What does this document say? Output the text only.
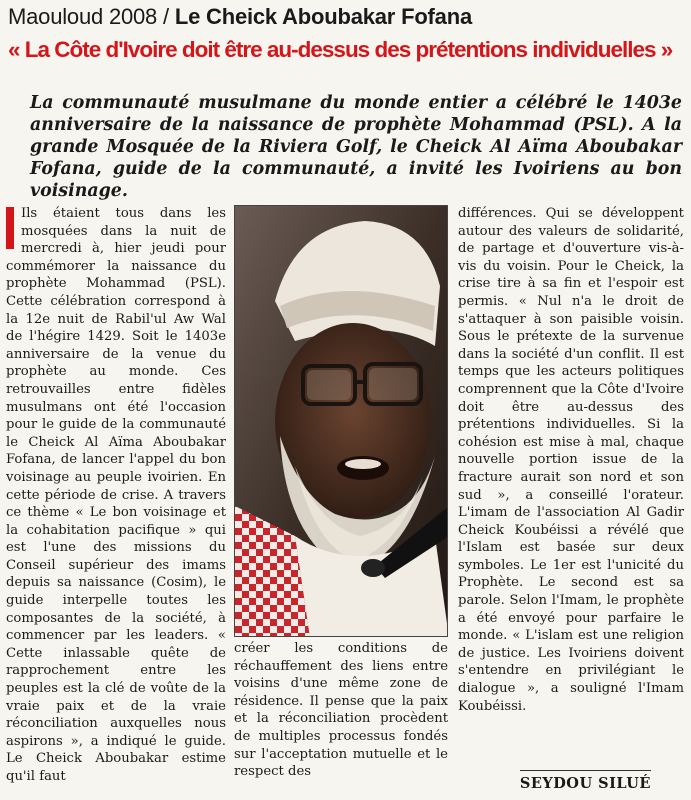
Maouloud 2008 / Le Cheick Aboubakar Fofana
« La Côte d'Ivoire doit être au-dessus des prétentions individuelles »
La communauté musulmane du monde entier a célébré le 1403e anniversaire de la naissance de prophète Mohammad (PSL). A la grande Mosquée de la Riviera Golf, le Cheick Al Aïma Aboubakar Fofana, guide de la communauté, a invité les Ivoiriens au bon voisinage.
Ils étaient tous dans les mosquées dans la nuit de mercredi à, hier jeudi pour commémorer la naissance du prophète Mohammad (PSL). Cette célébration correspond à la 12e nuit de Rabil'ul Aw Wal de l'hégire 1429. Soit le 1403e anniversaire de la venue du prophète au monde. Ces retrouvailles entre fidèles musulmans ont été l'occasion pour le guide de la communauté le Cheick Al Aïma Aboubakar Fofana, de lancer l'appel du bon voisinage au peuple ivoirien. En cette période de crise. A travers ce thème « Le bon voisinage et la cohabitation pacifique » qui est l'une des missions du Conseil supérieur des imams depuis sa naissance (Cosim), le guide interpelle toutes les composantes de la société, à commencer par les leaders. « Cette inlassable quête de rapprochement entre les peuples est la clé de voûte de la vraie paix et de la vraie réconciliation auxquelles nous aspirons », a indiqué le guide. Le Cheick Aboubakar estime qu'il faut
créer les conditions de réchauffement des liens entre voisins d'une même zone de résidence. Il pense que la paix et la réconciliation procèdent de multiples processus fondés sur l'acceptation mutuelle et le respect des
différences. Qui se développent autour des valeurs de solidarité, de partage et d'ouverture vis-à-vis du voisin. Pour le Cheick, la crise tire à sa fin et l'espoir est permis. « Nul n'a le droit de s'attaquer à son paisible voisin. Sous le prétexte de la survenue dans la société d'un conflit. Il est temps que les acteurs politiques comprennent que la Côte d'Ivoire doit être au-dessus des prétentions individuelles. Si la cohésion est mise à mal, chaque nouvelle portion issue de la fracture aurait son nord et son sud », a conseillé l'orateur. L'imam de l'association Al Gadir Cheick Koubéissi a révélé que l'Islam est basée sur deux symboles. Le 1er est l'unicité du Prophète. Le second est sa parole. Selon l'Imam, le prophète a été envoyé pour parfaire le monde. « L'islam est une religion de justice. Les Ivoiriens doivent s'entendre en privilégiant le dialogue », a souligné l'Imam Koubéissi.
SEYDOU SILUÉ
